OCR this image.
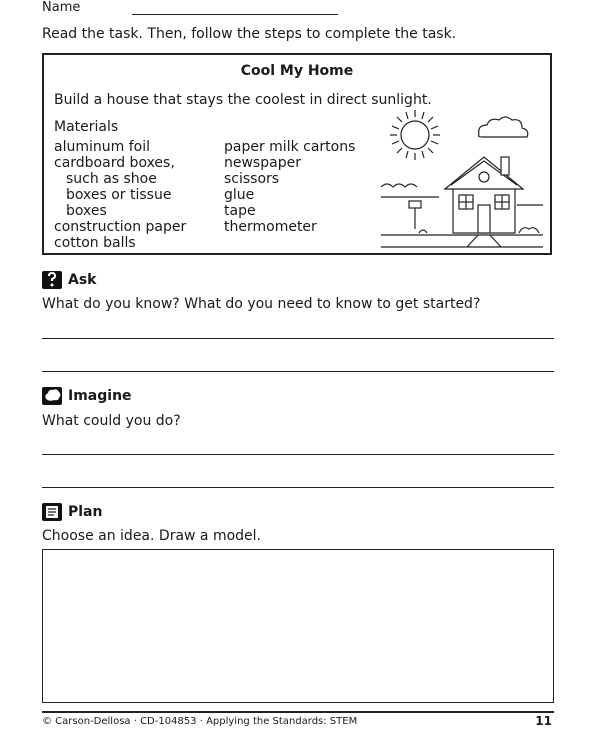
Name
Read the task. Then, follow the steps to complete the task.
Cool My Home
Build a house that stays the coolest in direct sunlight.
Materials
aluminum foil
cardboard boxes,
such as shoe
boxes or tissue
boxes
construction paper
cotton balls
paper milk cartons
newspaper
scissors
glue
tape
thermometer
Ask
What do you know? What do you need to know to get started?
Imagine
What could you do?
Plan
Choose an idea. Draw a model.
© Carson-Dellosa · CD-104853 · Applying the Standards: STEM	11
